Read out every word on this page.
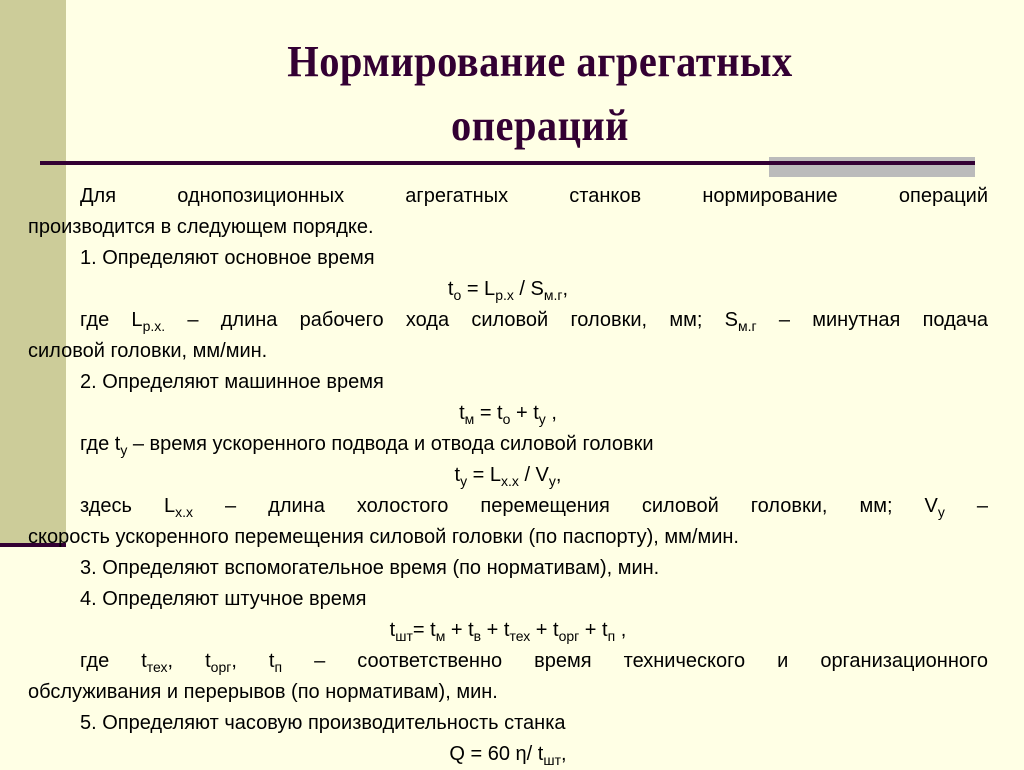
Нормирование агрегатных
операций

Для однопозиционных агрегатных станков нормирование операций

производится в следующем порядке.

1. Определяют основное время

$t_о = L_{р.х} / S_{м.г}$,

где $L_{р.х.}$ – длина рабочего хода силовой головки, мм; $S_{м.г}$ – минутная подача

силовой головки, мм/мин.

2. Определяют машинное время

$t_м = t_о + t_у$ ,

где $t_у$ – время ускоренного подвода и отвода силовой головки

$t_у = L_{х.х} / V_у$,

здесь $L_{х.х}$ – длина холостого перемещения силовой головки, мм; $V_у$ –

скорость ускоренного перемещения силовой головки (по паспорту), мм/мин.

3. Определяют вспомогательное время (по нормативам), мин.

4. Определяют штучное время

$t_{шт}= t_м + t_в + t_{тех} + t_{орг} + t_п$ ,

где $t_{тех}$, $t_{орг}$, $t_п$ – соответственно время технического и организационного

обслуживания и перерывов (по нормативам), мин.

5. Определяют часовую производительность станка

Q = 60 η/ $t_{шт}$,
